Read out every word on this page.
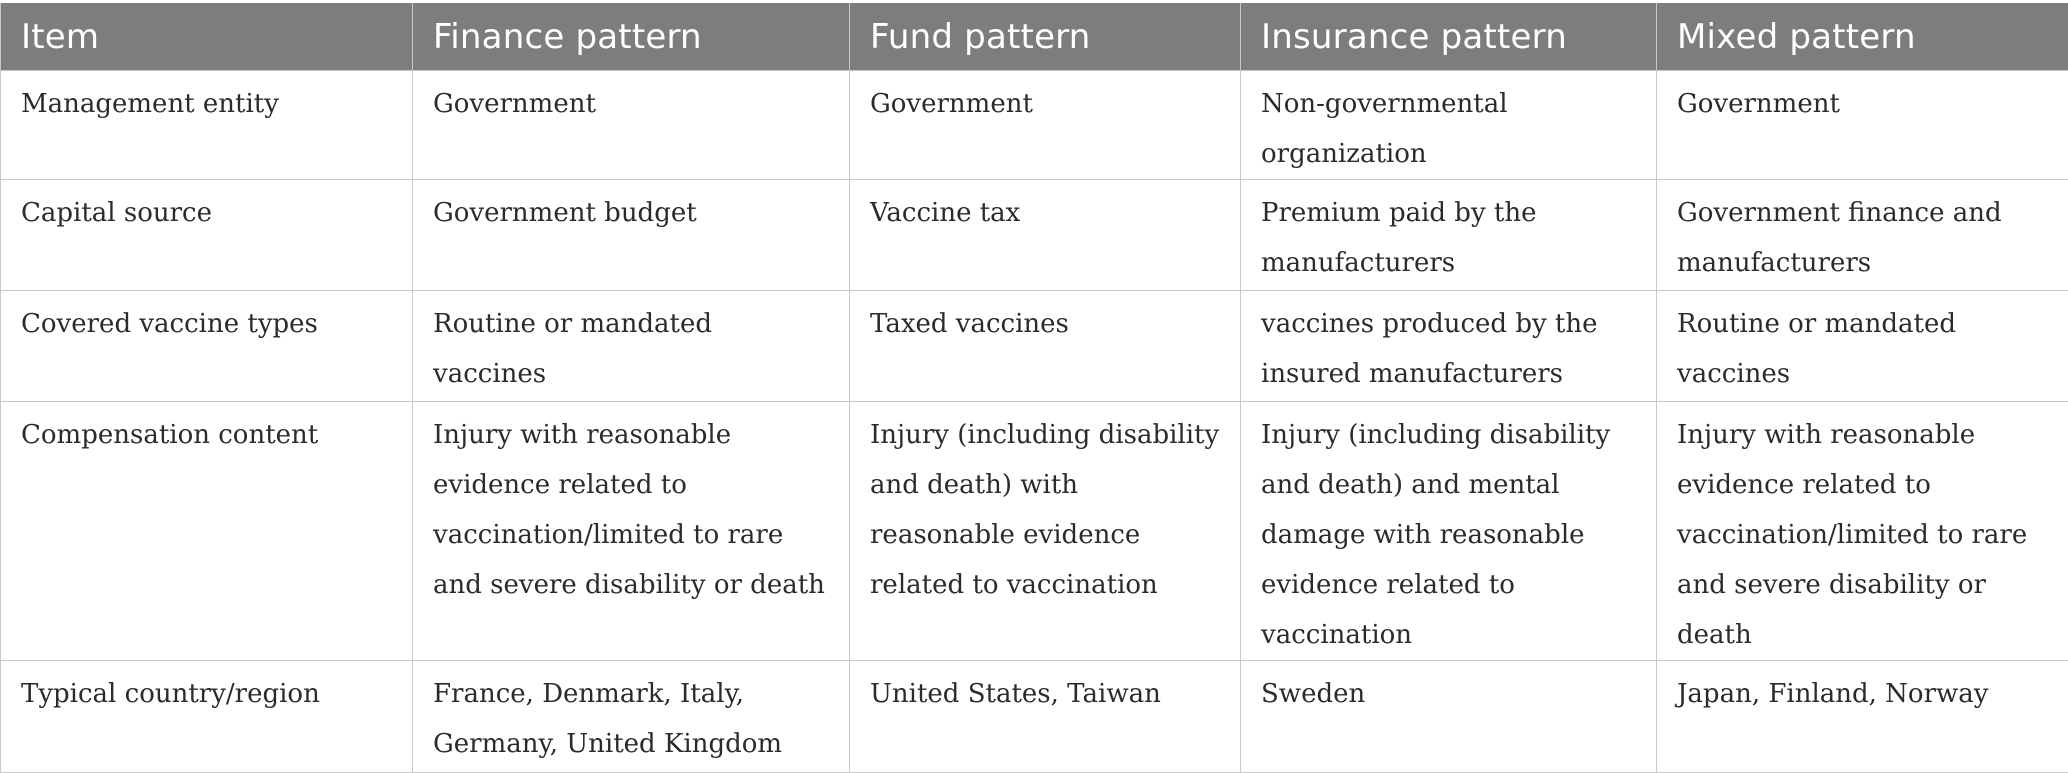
Item	Finance pattern	Fund pattern	Insurance pattern	Mixed pattern
Management entity	Government	Government	Non-governmental organization	Government
Capital source	Government budget	Vaccine tax	Premium paid by the manufacturers	Government finance and manufacturers
Covered vaccine types	Routine or mandated vaccines	Taxed vaccines	vaccines produced by the insured manufacturers	Routine or mandated vaccines
Compensation content	Injury with reasonable evidence related to vaccination/limited to rare and severe disability or death	Injury (including disability and death) with reasonable evidence related to vaccination	Injury (including disability and death) and mental damage with reasonable evidence related to vaccination	Injury with reasonable evidence related to vaccination/limited to rare and severe disability or death
Typical country/region	France, Denmark, Italy, Germany, United Kingdom	United States, Taiwan	Sweden	Japan, Finland, Norway
